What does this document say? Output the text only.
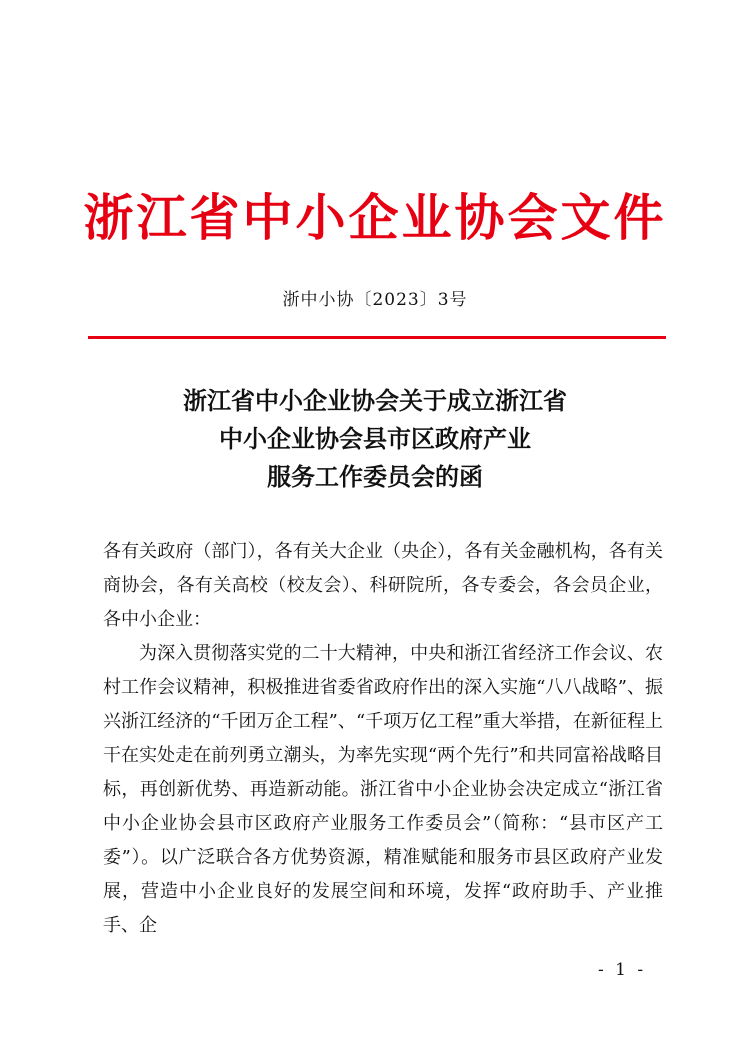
浙江省中小企业协会文件
浙中小协〔2023〕3号
浙江省中小企业协会关于成立浙江省
中小企业协会县市区政府产业
服务工作委员会的函

各有关政府（部门），各有关大企业（央企），各有关金融机构，各有关商协会，各有关高校（校友会）、科研院所，各专委会，各会员企业，各中小企业：

为深入贯彻落实党的二十大精神，中央和浙江省经济工作会议、农村工作会议精神，积极推进省委省政府作出的深入实施“八八战略”、振兴浙江经济的“千团万企工程”、“千项万亿工程”重大举措，在新征程上干在实处走在前列勇立潮头，为率先实现“两个先行”和共同富裕战略目标，再创新优势、再造新动能。浙江省中小企业协会决定成立“浙江省中小企业协会县市区政府产业服务工作委员会”（简称：“县市区产工委”）。以广泛联合各方优势资源，精准赋能和服务市县区政府产业发展，营造中小企业良好的发展空间和环境，发挥“政府助手、产业推手、企

- 1 -
